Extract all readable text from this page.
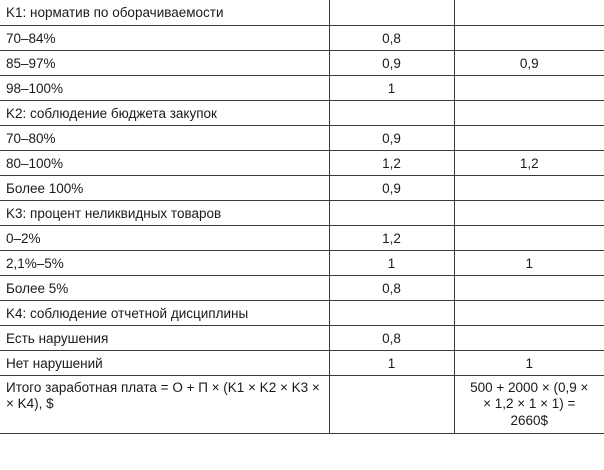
K1: норматив по оборачиваемости		
70–84%	0,8	
85–97%	0,9	0,9
98–100%	1	
K2: соблюдение бюджета закупок		
70–80%	0,9	
80–100%	1,2	1,2
Более 100%	0,9	
K3: процент неликвидных товаров		
0–2%	1,2	
2,1%–5%	1	1
Более 5%	0,8	
K4: соблюдение отчетной дисциплины		
Есть нарушения	0,8	
Нет нарушений	1	1
Итого заработная плата = О + П × (K1 × K2 × K3 × × K4), $		500 + 2000 × (0,9 ×
× 1,2 × 1 × 1) =
2660$
